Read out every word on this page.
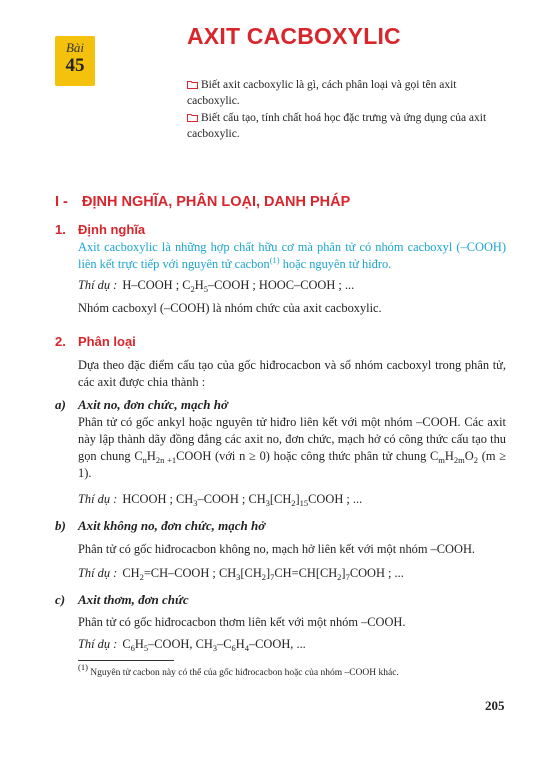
Bài
45
AXIT CACBOXYLIC
Biết axit cacboxylic là gì, cách phân loại và gọi tên axit cacboxylic.
Biết cấu tạo, tính chất hoá học đặc trưng và ứng dụng của axit cacboxylic.
I - ĐỊNH NGHĨA, PHÂN LOẠI, DANH PHÁP
1. Định nghĩa
Axit cacboxylic là những hợp chất hữu cơ mà phân tử có nhóm cacboxyl (–COOH) liên kết trực tiếp với nguyên tử cacbon$^{(1)}$ hoặc nguyên tử hiđro.
Thí dụ : H–COOH ; $C_2H_5$–COOH ; HOOC–COOH ; ...
Nhóm cacboxyl (–COOH) là nhóm chức của axit cacboxylic.
2. Phân loại
Dựa theo đặc điểm cấu tạo của gốc hiđrocacbon và số nhóm cacboxyl trong phân tử, các axit được chia thành :
a) Axit no, đơn chức, mạch hở
Phân tử có gốc ankyl hoặc nguyên tử hiđro liên kết với một nhóm –COOH. Các axit này lập thành dãy đồng đẳng các axit no, đơn chức, mạch hở có công thức cấu tạo thu gọn chung $C_nH_{2n +1}COOH$ (với n ≥ 0) hoặc công thức phân tử chung $C_mH_{2m}O_2$ (m ≥ 1).
Thí dụ : HCOOH ; $CH_3$–COOH ; $CH_3[CH_2]_{15}COOH$ ; ...
b) Axit không no, đơn chức, mạch hở
Phân tử có gốc hiđrocacbon không no, mạch hở liên kết với một nhóm –COOH.
Thí dụ : $CH_2=CH$–COOH ; $CH_3[CH_2]_7CH=CH[CH_2]_7COOH$ ; ...
c) Axit thơm, đơn chức
Phân tử có gốc hiđrocacbon thơm liên kết với một nhóm –COOH.
Thí dụ : $C_6H_5$–COOH, $CH_3-C_6H_4$–COOH, ...
$^{(1)}$ Nguyên tử cacbon này có thể của gốc hiđrocacbon hoặc của nhóm –COOH khác.
205
